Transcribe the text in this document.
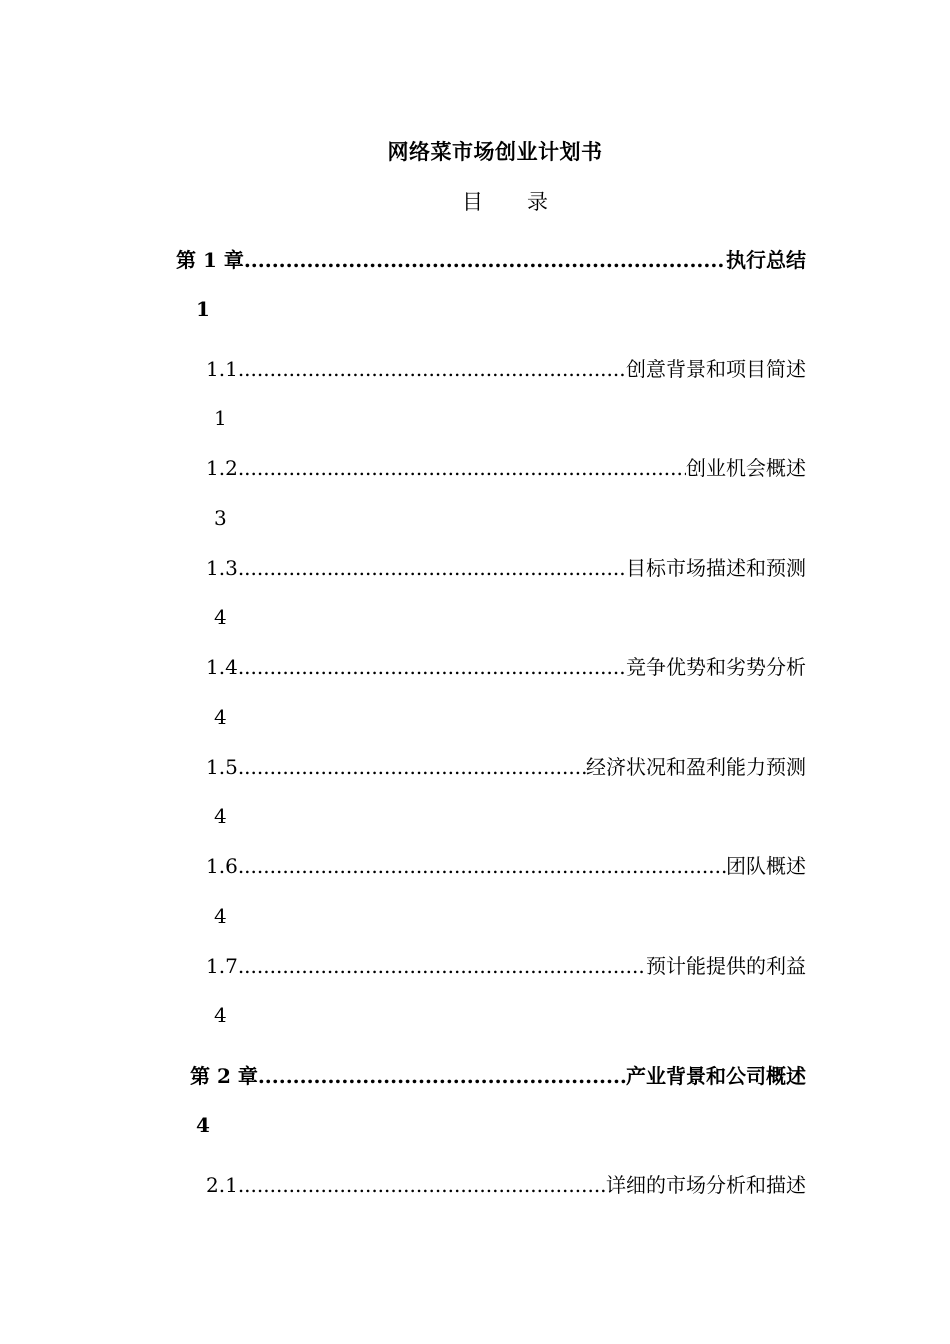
网络菜市场创业计划书
目 录
第 1 章 .....	执行总结
1
1.1 .....	创意背景和项目简述
1
1.2 .....	创业机会概述
3
1.3 .....	目标市场描述和预测
4
1.4 .....	竞争优势和劣势分析
4
1.5 .....	经济状况和盈利能力预测
4
1.6 .....	团队概述
4
1.7 .....	预计能提供的利益
4
第 2 章 .....	产业背景和公司概述
4
2.1 .....	详细的市场分析和描述
